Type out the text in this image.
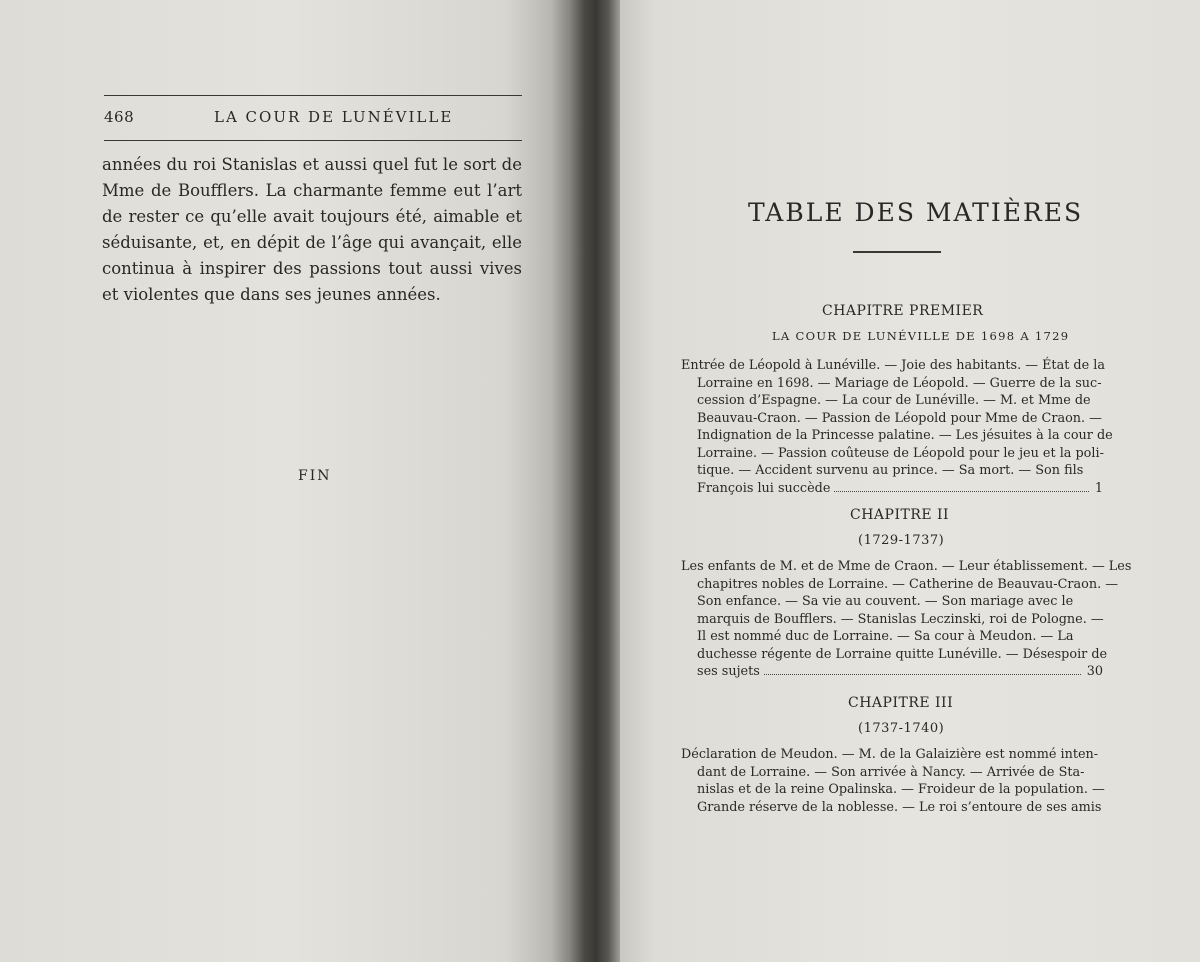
468	LA COUR DE LUNÉVILLE

années du roi Stanislas et aussi quel fut le sort de Mme de Boufflers. La charmante femme eut l’art de rester ce qu’elle avait toujours été, aimable et séduisante, et, en dépit de l’âge qui avançait, elle continua à inspirer des passions tout aussi vives et violentes que dans ses jeunes années.

FIN
TABLE DES MATIÈRES
CHAPITRE PREMIER
LA COUR DE LUNÉVILLE DE 1698 A 1729
Entrée de Léopold à Lunéville. — Joie des habitants. — État de la
Lorraine en 1698. — Mariage de Léopold. — Guerre de la suc-
cession d’Espagne. — La cour de Lunéville. — M. et Mme de
Beauvau-Craon. — Passion de Léopold pour Mme de Craon. —
Indignation de la Princesse palatine. — Les jésuites à la cour de
Lorraine. — Passion coûteuse de Léopold pour le jeu et la poli-
tique. — Accident survenu au prince. — Sa mort. — Son fils
François lui succède	1
CHAPITRE II
(1729-1737)
Les enfants de M. et de Mme de Craon. — Leur établissement. — Les
chapitres nobles de Lorraine. — Catherine de Beauvau-Craon. —
Son enfance. — Sa vie au couvent. — Son mariage avec le
marquis de Boufflers. — Stanislas Leczinski, roi de Pologne. —
Il est nommé duc de Lorraine. — Sa cour à Meudon. — La
duchesse régente de Lorraine quitte Lunéville. — Désespoir de
ses sujets	30
CHAPITRE III
(1737-1740)
Déclaration de Meudon. — M. de la Galaizière est nommé inten-
dant de Lorraine. — Son arrivée à Nancy. — Arrivée de Sta-
nislas et de la reine Opalinska. — Froideur de la population. —
Grande réserve de la noblesse. — Le roi s’entoure de ses amis
